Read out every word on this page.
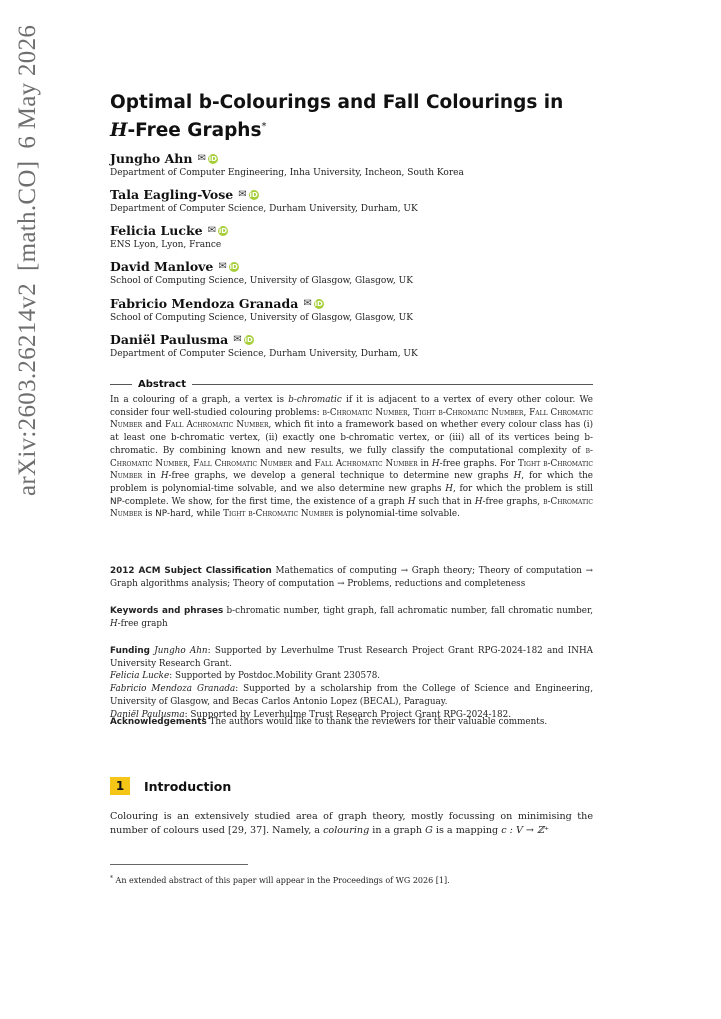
arXiv:2603.26214v2[math.CO]6 May 2026	Optimal b-Colourings and Fall Colourings in
H-Free Graphs*
Jungho Ahn ✉ iD
Department of Computer Engineering, Inha University, Incheon, South Korea
Tala Eagling-Vose ✉ iD
Department of Computer Science, Durham University, Durham, UK
Felicia Lucke ✉ iD
ENS Lyon, Lyon, France
David Manlove ✉ iD
School of Computing Science, University of Glasgow, Glasgow, UK
Fabricio Mendoza Granada ✉ iD
School of Computing Science, University of Glasgow, Glasgow, UK
Daniël Paulusma ✉ iD
Department of Computer Science, Durham University, Durham, UK
Abstract
In a colouring of a graph, a vertex is b-chromatic if it is adjacent to a vertex of every other colour. We consider four well-studied colouring problems: b-Chromatic Number, Tight b-Chromatic Number, Fall Chromatic Number and Fall Achromatic Number, which fit into a framework based on whether every colour class has (i) at least one b-chromatic vertex, (ii) exactly one b-chromatic vertex, or (iii) all of its vertices being b-chromatic. By combining known and new results, we fully classify the computational complexity of b-Chromatic Number, Fall Chromatic Number and Fall Achromatic Number in H-free graphs. For Tight b-Chromatic Number in H-free graphs, we develop a general technique to determine new graphs H, for which the problem is polynomial-time solvable, and we also determine new graphs H, for which the problem is still NP-complete. We show, for the first time, the existence of a graph H such that in H-free graphs, b-Chromatic Number is NP-hard, while Tight b-Chromatic Number is polynomial-time solvable.
2012 ACM Subject Classification Mathematics of computing → Graph theory; Theory of computation → Graph algorithms analysis; Theory of computation → Problems, reductions and completeness
Keywords and phrases b-chromatic number, tight graph, fall achromatic number, fall chromatic number, H-free graph
Funding Jungho Ahn: Supported by Leverhulme Trust Research Project Grant RPG-2024-182 and INHA University Research Grant.
Felicia Lucke: Supported by Postdoc.Mobility Grant 230578.
Fabricio Mendoza Granada: Supported by a scholarship from the College of Science and Engineering, University of Glasgow, and Becas Carlos Antonio Lopez (BECAL), Paraguay.
Daniël Paulusma: Supported by Leverhulme Trust Research Project Grant RPG-2024-182.
Acknowledgements The authors would like to thank the reviewers for their valuable comments.
1	Introduction
Colouring is an extensively studied area of graph theory, mostly focussing on minimising the number of colours used [29, 37]. Namely, a colouring in a graph G is a mapping c : V → ℤ⁺
* An extended abstract of this paper will appear in the Proceedings of WG 2026 [1].
